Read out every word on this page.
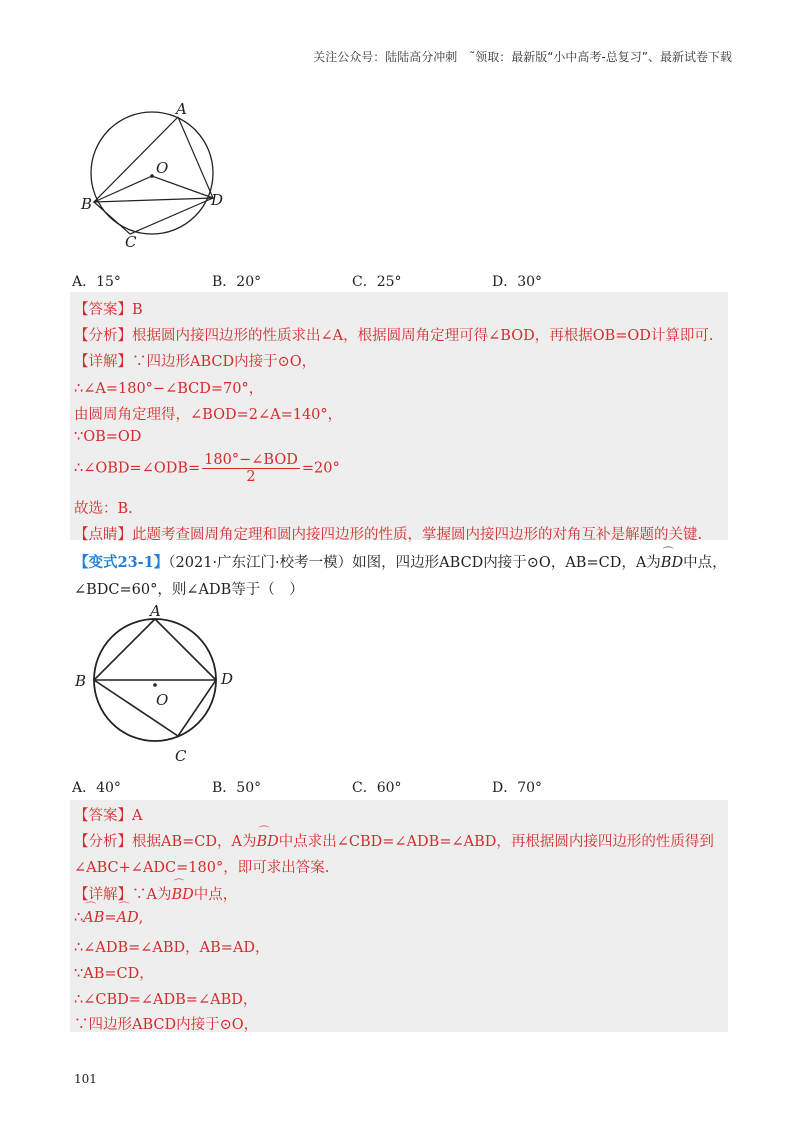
关注公众号：陆陆高分冲刺　˜领取：最新版“小中高考-总复习”、最新试卷下载
A
B
C
D
O
A．15°	B．20°	C．25°	D．30°
【答案】B
【分析】根据圆内接四边形的性质求出∠A，根据圆周角定理可得∠BOD，再根据OB=OD计算即可.
【详解】∵四边形ABCD内接于⊙O，
∴∠A=180°−∠BCD=70°，
由圆周角定理得，∠BOD=2∠A=140°，
∵OB=OD
∴∠OBD=∠ODB= $\frac{\text{180°−∠BOD}}{2} =20^\circ$
故选：B.
【点睛】此题考查圆周角定理和圆内接四边形的性质，掌握圆内接四边形的对角互补是解题的关键.
【变式23-1】（2021·广东江门·校考一模）如图，四边形ABCD内接于⊙O，AB=CD，A为⌒ BD中点，
∠BDC=60°，则∠ADB等于（　）
A
B
C
D
O
A．40°	B．50°	C．60°	D．70°
【答案】A
【分析】根据AB=CD，A为⌒ BD中点求出∠CBD=∠ADB=∠ABD，再根据圆内接四边形的性质得到
∠ABC+∠ADC=180°，即可求出答案.
【详解】∵A为⌒ BD中点，
∴⌒ AB=⌒ AD,
∴∠ADB=∠ABD，AB=AD，
∵AB=CD，
∴∠CBD=∠ADB=∠ABD，
∵四边形ABCD内接于⊙O，
101
